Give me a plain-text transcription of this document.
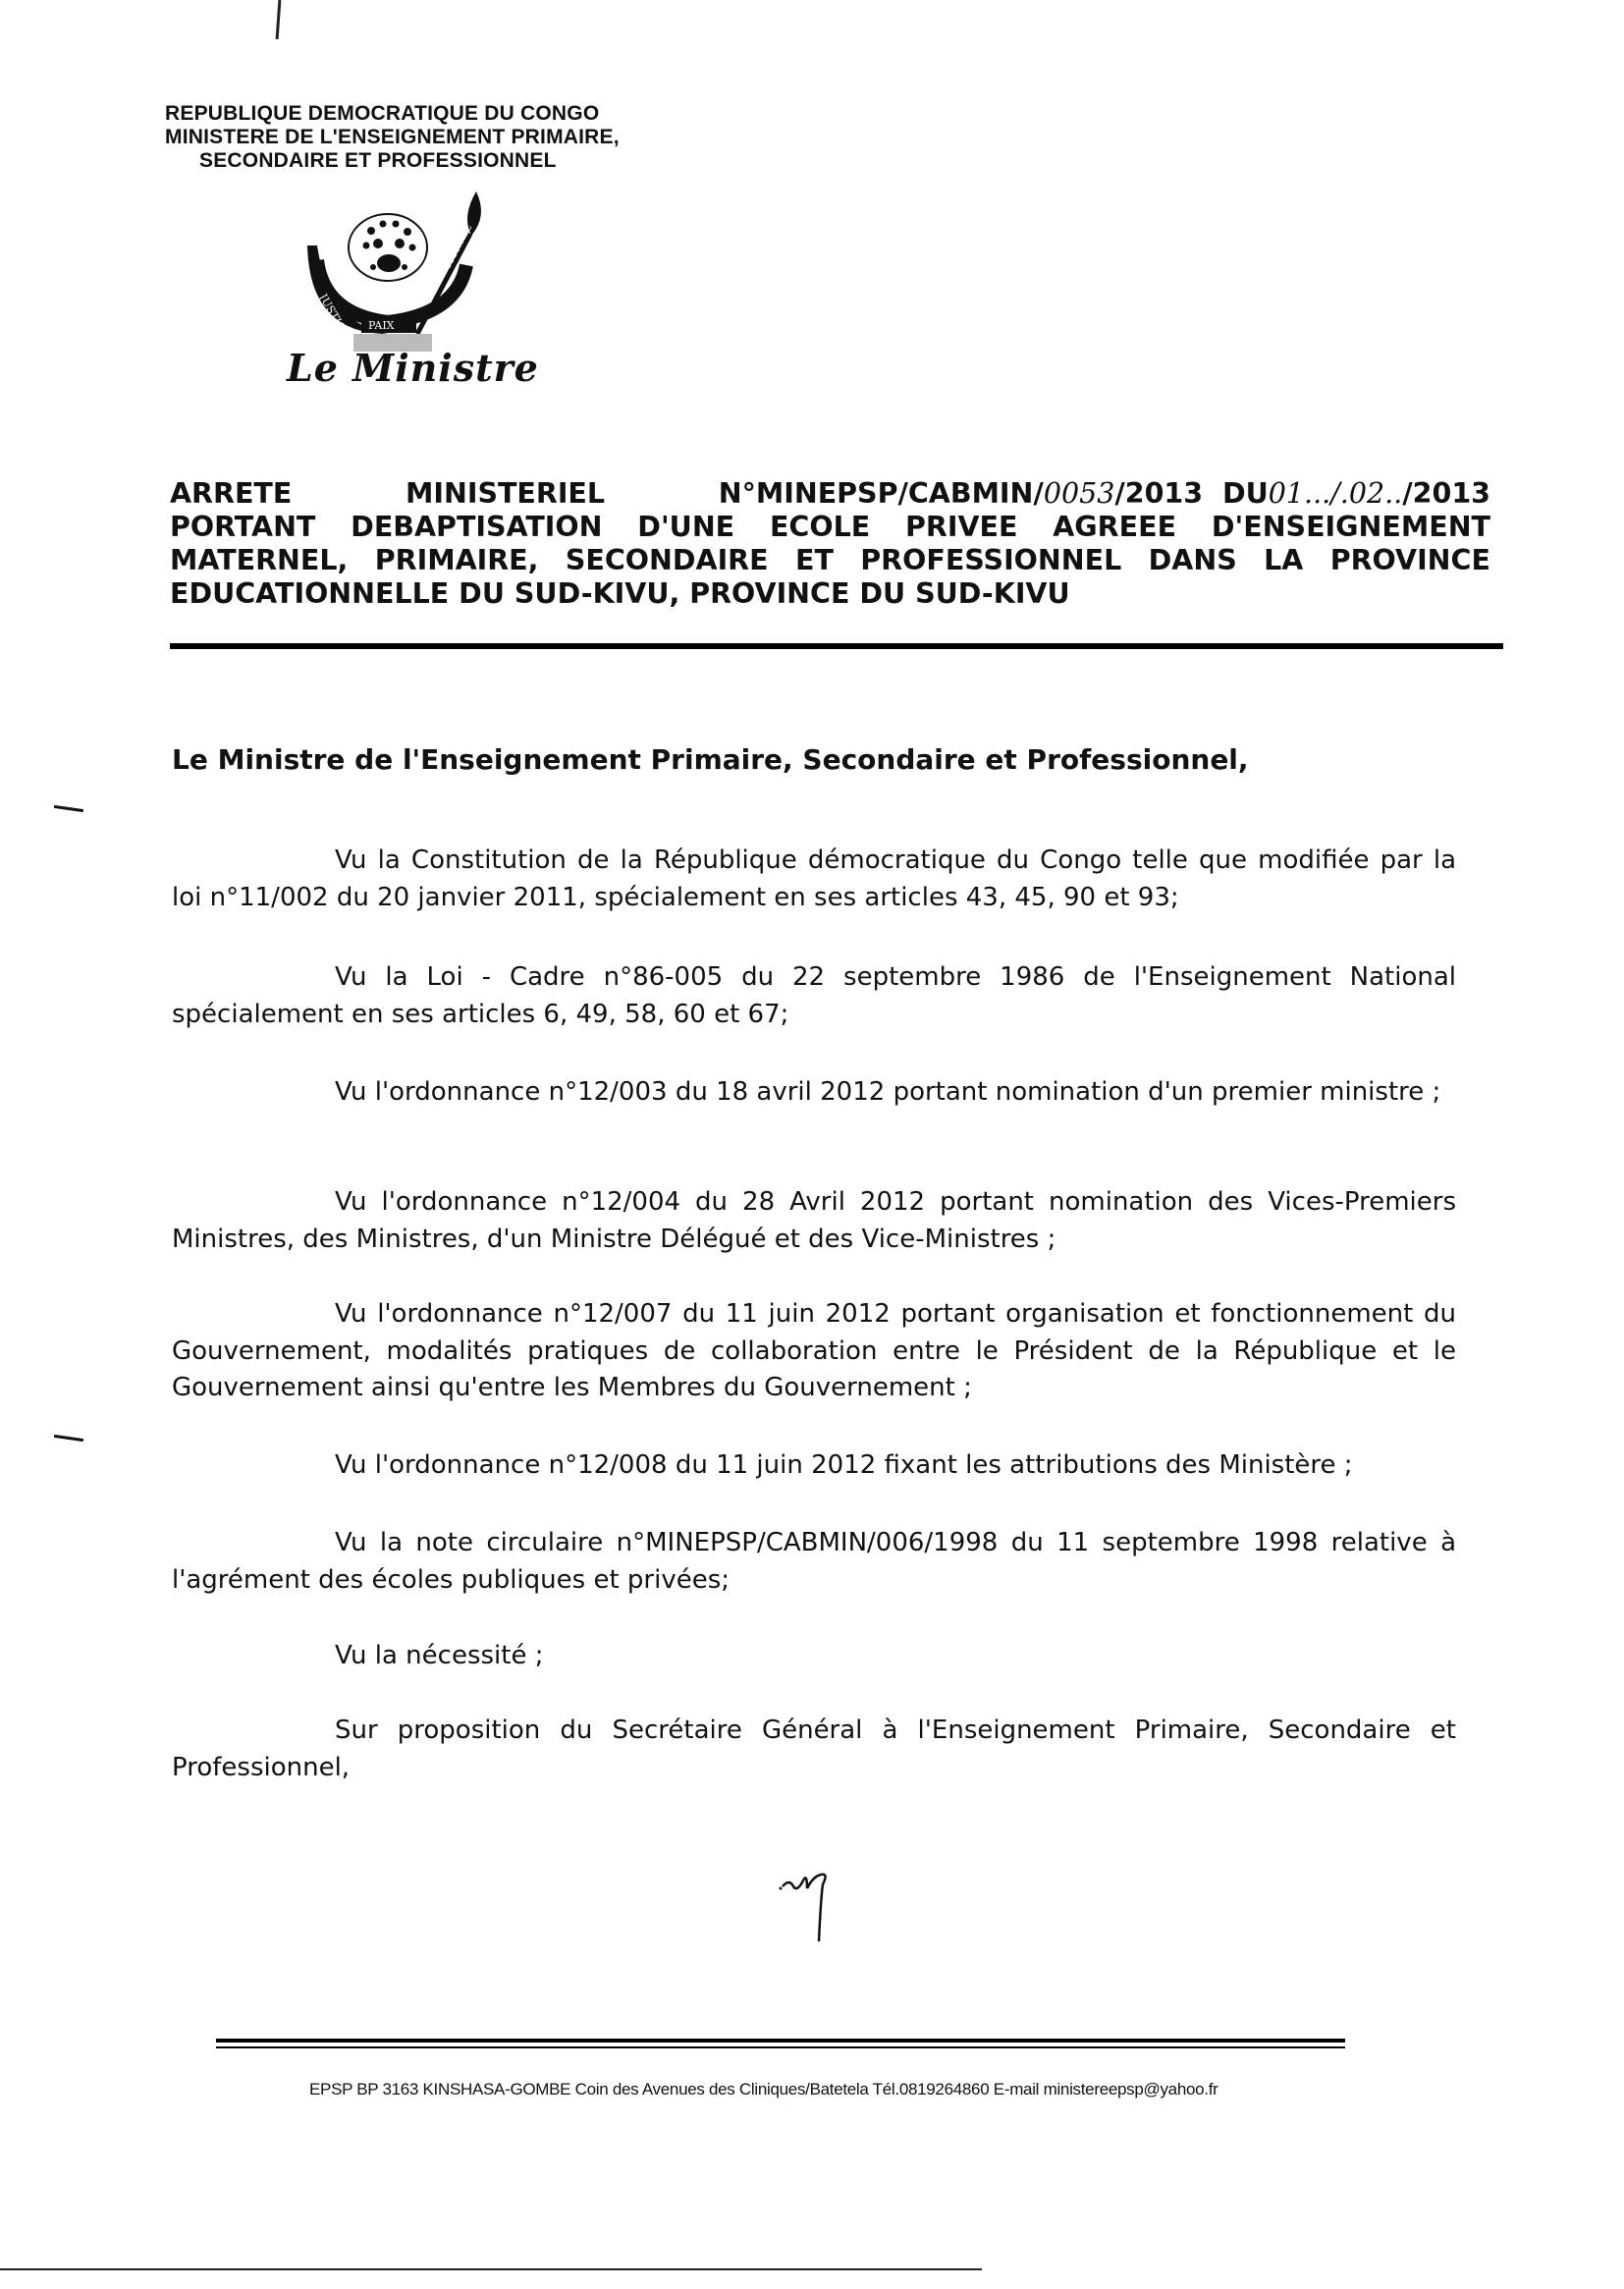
REPUBLIQUE DEMOCRATIQUE DU CONGO
MINISTERE DE L'ENSEIGNEMENT PRIMAIRE,
SECONDAIRE ET PROFESSIONNEL
JUSTICE
TRAVAIL
PAIX
Le Ministre
ARRETE	MINISTERIEL	N°MINEPSP/CABMIN/0053/2013 DU01.../.02../2013
PORTANT DEBAPTISATION D'UNE ECOLE PRIVEE AGREEE D'ENSEIGNEMENT
MATERNEL, PRIMAIRE, SECONDAIRE ET PROFESSIONNEL DANS LA PROVINCE
EDUCATIONNELLE DU SUD-KIVU, PROVINCE DU SUD-KIVU
Le Ministre de l'Enseignement Primaire, Secondaire et Professionnel,

Vu la Constitution de la République démocratique du Congo telle que modifiée par la loi n°11/002 du 20 janvier 2011, spécialement en ses articles 43, 45, 90 et 93;

Vu la Loi - Cadre n°86-005 du 22 septembre 1986 de l'Enseignement National spécialement en ses articles 6, 49, 58, 60 et 67;

Vu l'ordonnance n°12/003 du 18 avril 2012 portant nomination d'un premier ministre ;

Vu l'ordonnance n°12/004 du 28 Avril 2012 portant nomination des Vices-Premiers Ministres, des Ministres, d'un Ministre Délégué et des Vice-Ministres ;

Vu l'ordonnance n°12/007 du 11 juin 2012 portant organisation et fonctionnement du Gouvernement, modalités pratiques de collaboration entre le Président de la République et le Gouvernement ainsi qu'entre les Membres du Gouvernement ;

Vu l'ordonnance n°12/008 du 11 juin 2012 fixant les attributions des Ministère ;

Vu la note circulaire n°MINEPSP/CABMIN/006/1998 du 11 septembre 1998 relative à l'agrément des écoles publiques et privées;

Vu la nécessité ;

Sur proposition du Secrétaire Général à l'Enseignement Primaire, Secondaire et Professionnel,

EPSP BP 3163 KINSHASA-GOMBE Coin des Avenues des Cliniques/Batetela Tél.0819264860 E-mail ministereepsp@yahoo.fr
